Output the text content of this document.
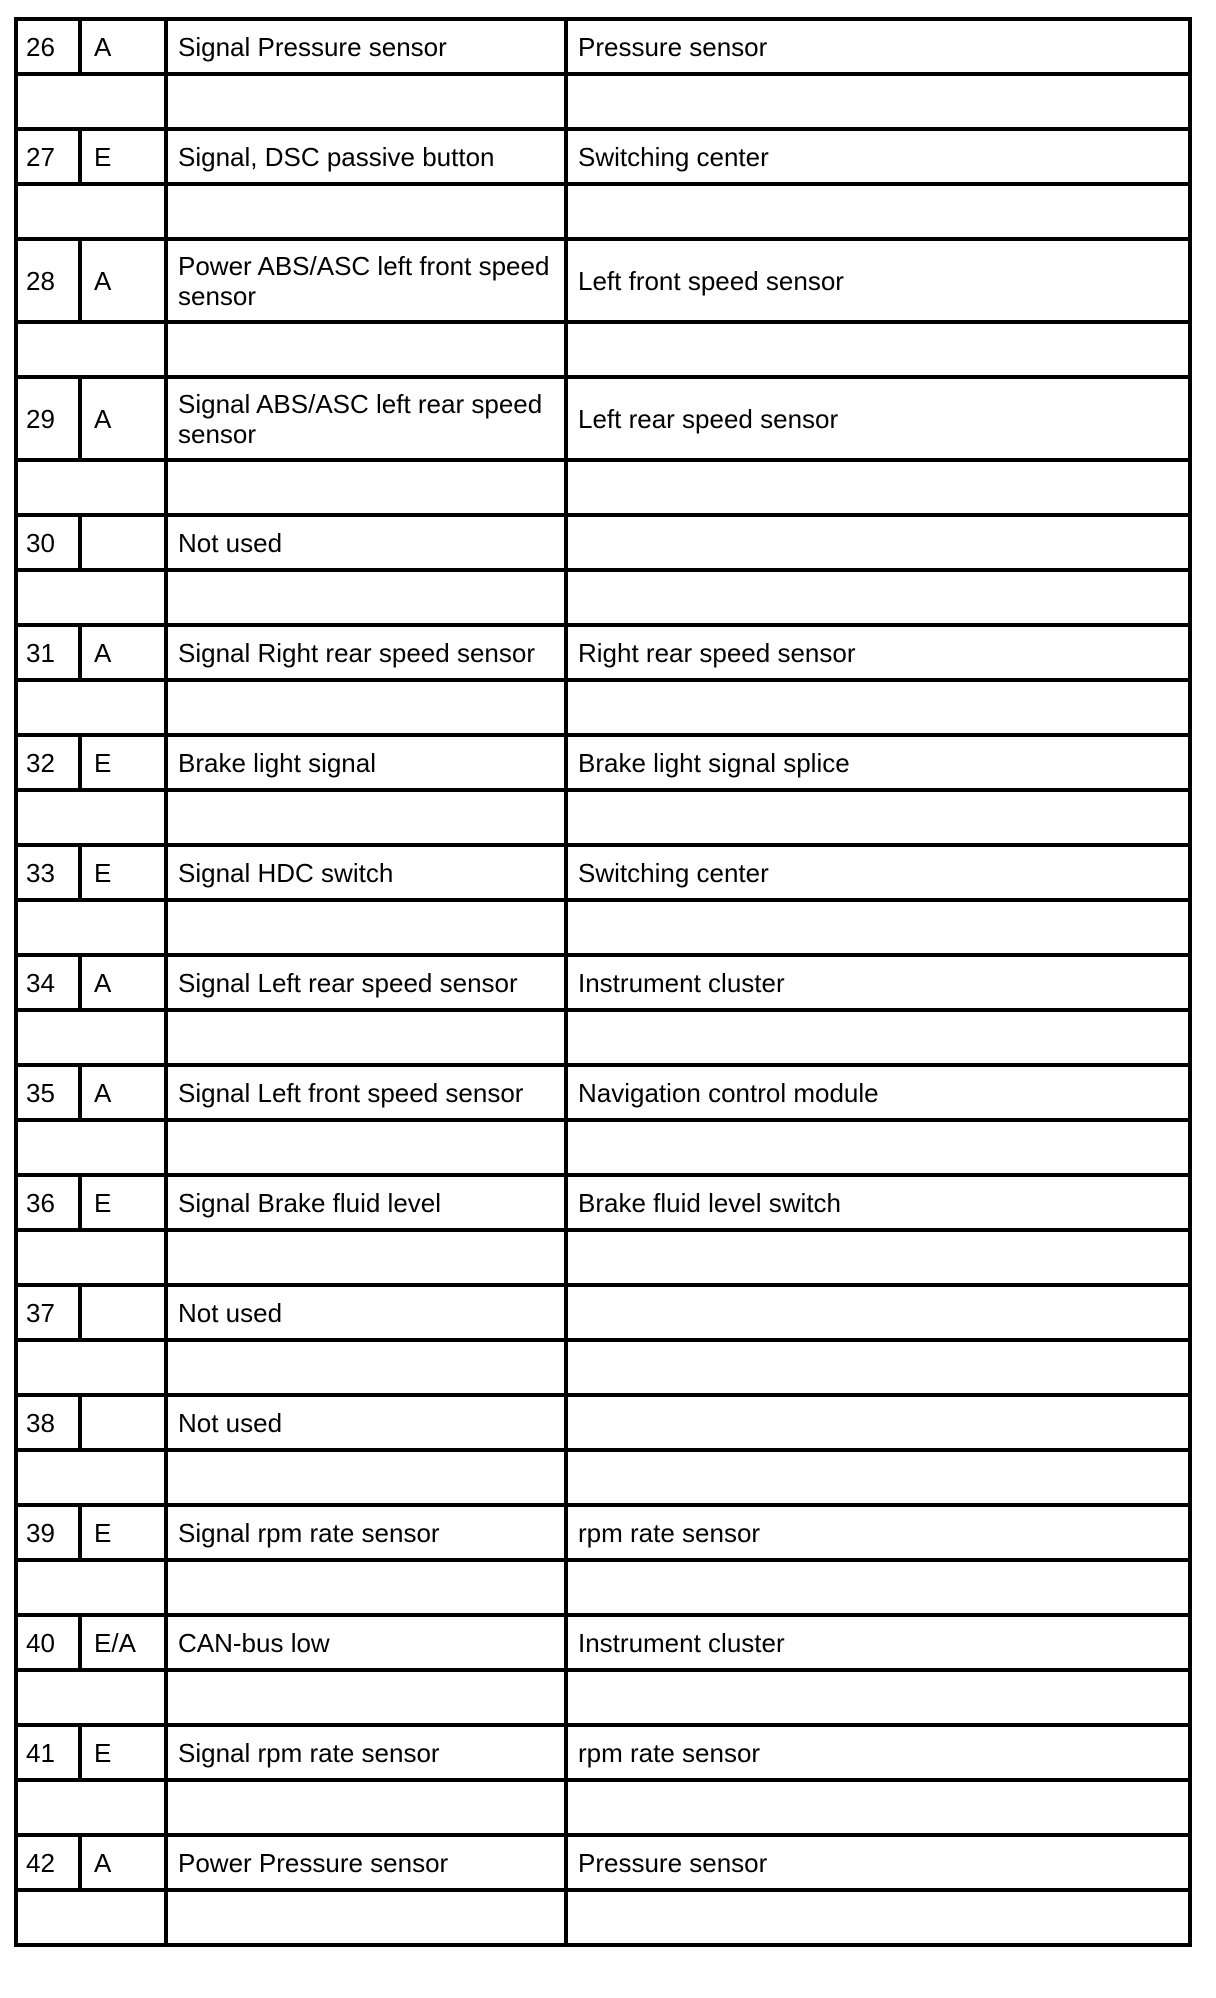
26	A	Signal Pressure sensor	Pressure sensor

27	E	Signal, DSC passive button	Switching center

28	A	Power ABS/ASC left front speed sensor	Left front speed sensor

29	A	Signal ABS/ASC left rear speed sensor	Left rear speed sensor

30		Not used	

31	A	Signal Right rear speed sensor	Right rear speed sensor

32	E	Brake light signal	Brake light signal splice

33	E	Signal HDC switch	Switching center

34	A	Signal Left rear speed sensor	Instrument cluster

35	A	Signal Left front speed sensor	Navigation control module

36	E	Signal Brake fluid level	Brake fluid level switch

37		Not used	

38		Not used	

39	E	Signal rpm rate sensor	rpm rate sensor

40	E/A	CAN-bus low	Instrument cluster

41	E	Signal rpm rate sensor	rpm rate sensor

42	A	Power Pressure sensor	Pressure sensor
